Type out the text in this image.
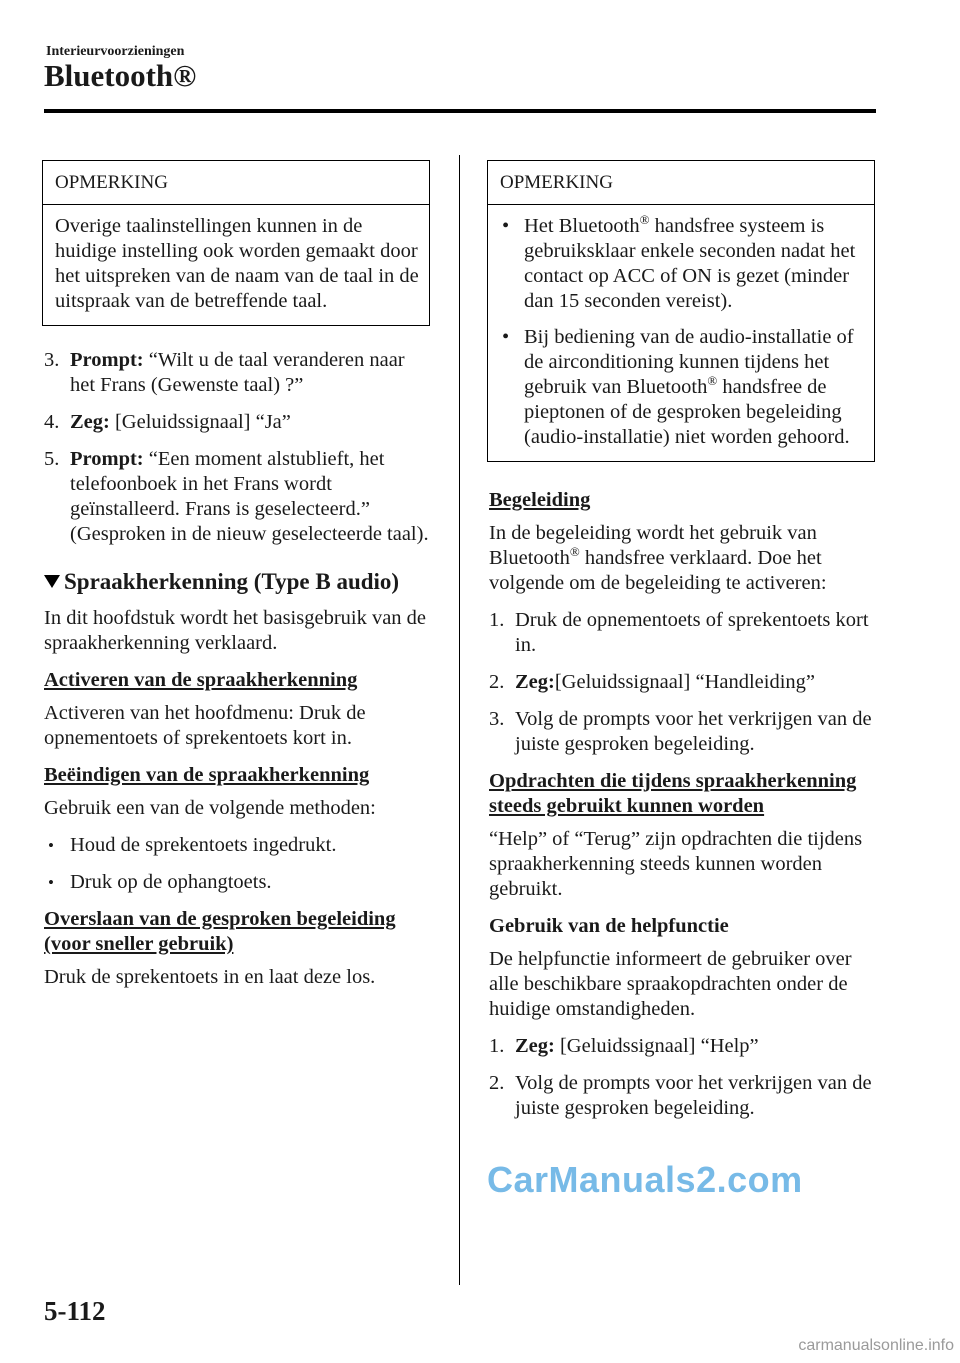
Interieurvoorzieningen
Bluetooth®
OPMERKING

Overige taalinstellingen kunnen in de huidige instelling ook worden gemaakt door het uitspreken van de naam van de taal in de uitspraak van de betreffende taal.

3. Prompt: “Wilt u de taal veranderen naar het Frans (Gewenste taal) ?”
4. Zeg: [Geluidssignaal] “Ja”
5. Prompt: “Een moment alstublieft, het telefoonboek in het Frans wordt geïnstalleerd. Frans is geselecteerd.” (Gesproken in de nieuw geselecteerde taal).
Spraakherkenning (Type B audio)

In dit hoofdstuk wordt het basisgebruik van de spraakherkenning verklaard.

Activeren van de spraakherkenning

Activeren van het hoofdmenu: Druk de opnementoets of sprekentoets kort in.

Beëindigen van de spraakherkenning

Gebruik een van de volgende methoden:

• Houd de sprekentoets ingedrukt.
• Druk op de ophangtoets.
Overslaan van de gesproken begeleiding (voor sneller gebruik)

Druk de sprekentoets in en laat deze los.

OPMERKING
• Het Bluetooth® handsfree systeem is gebruiksklaar enkele seconden nadat het contact op ACC of ON is gezet (minder dan 15 seconden vereist).
• Bij bediening van de audio-installatie of de airconditioning kunnen tijdens het gebruik van Bluetooth® handsfree de pieptonen of de gesproken begeleiding (audio-installatie) niet worden gehoord.
Begeleiding

In de begeleiding wordt het gebruik van Bluetooth® handsfree verklaard. Doe het volgende om de begeleiding te activeren:

1. Druk de opnementoets of sprekentoets kort in.
2. Zeg:[Geluidssignaal] “Handleiding”
3. Volg de prompts voor het verkrijgen van de juiste gesproken begeleiding.
Opdrachten die tijdens spraakherkenning steeds gebruikt kunnen worden

“Help” of “Terug” zijn opdrachten die tijdens spraakherkenning steeds kunnen worden gebruikt.

Gebruik van de helpfunctie

De helpfunctie informeert de gebruiker over alle beschikbare spraakopdrachten onder de huidige omstandigheden.

1. Zeg: [Geluidssignaal] “Help”
2. Volg de prompts voor het verkrijgen van de juiste gesproken begeleiding.
CarManuals2.com
5-112
carmanualsonline.info
